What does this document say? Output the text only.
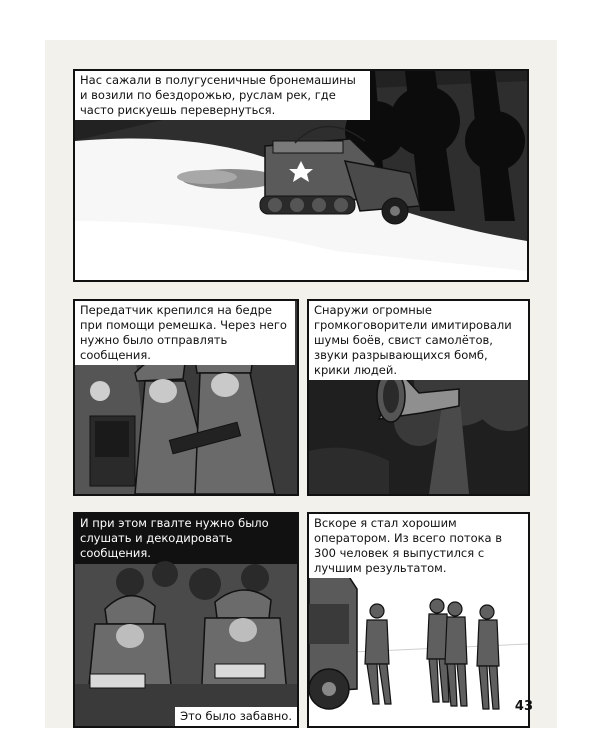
Нас сажали в полугусеничные бронемашины и возили по бездорожью, руслам рек, где часто рискуешь перевернуться.
Передатчик крепился на бедре при помощи ремешка. Через него нужно было отправлять сообщения.
Снаружи огромные громкоговорители имитировали шумы боёв, свист самолётов, звуки разрывающихся бомб, крики людей.
И при этом гвалте нужно было слушать и декодировать сообщения.
Это было забавно.
Вскоре я стал хорошим оператором. Из всего потока в 300 человек я выпустился с лучшим результатом.
43
